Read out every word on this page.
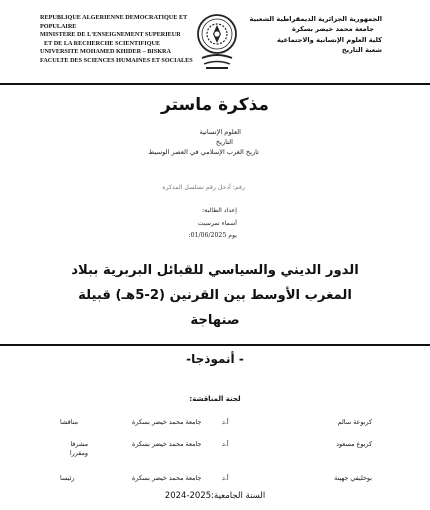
REPUBLIQUE ALGERIENNE DEMOCRATIQUE ET
POPULAIRE
MINISTERE DE L'ENSEIGNEMENT SUPERIEUR
ET DE LA RECHERCHE SCIENTIFIQUE
UNIVERSITE MOHAMED KHIDER – BISKRA
FACULTE DES SCIENCES HUMAINES ET SOCIALES
الجمهورية الجزائرية الديمقراطية الشعبية
جامعة محمد خيضر بسكرة
كلية العلوم الإنسانية والاجتماعية
شعبة التاريخ
مذكرة ماستر
العلوم الإنسانية
التاريخ
تاريخ الغرب الإسلامي في العصر الوسيط
رقم: أدخل رقم تسلسل المذكرة
إعداد الطالبة:
أسماء تمرسيت
يوم 01/06/2025:
الدور الديني والسياسي للقبائل البربرية ببلاد
المغرب الأوسط بين القرنين (2-5هـ) قبيلة
صنهاجة
- أنموذجا-
لجنة المناقشة:
كربوعة سالم
أ.د
جامعة محمد خيضر بسكرة
مناقشا
كربوع مسعود
أ.د
جامعة محمد خيضر بسكرة
مشرفا ومقررا
بوخليفي جهينة
أ.د
جامعة محمد خيضر بسكرة
رئيسا
السنة الجامعية:2025-2024
